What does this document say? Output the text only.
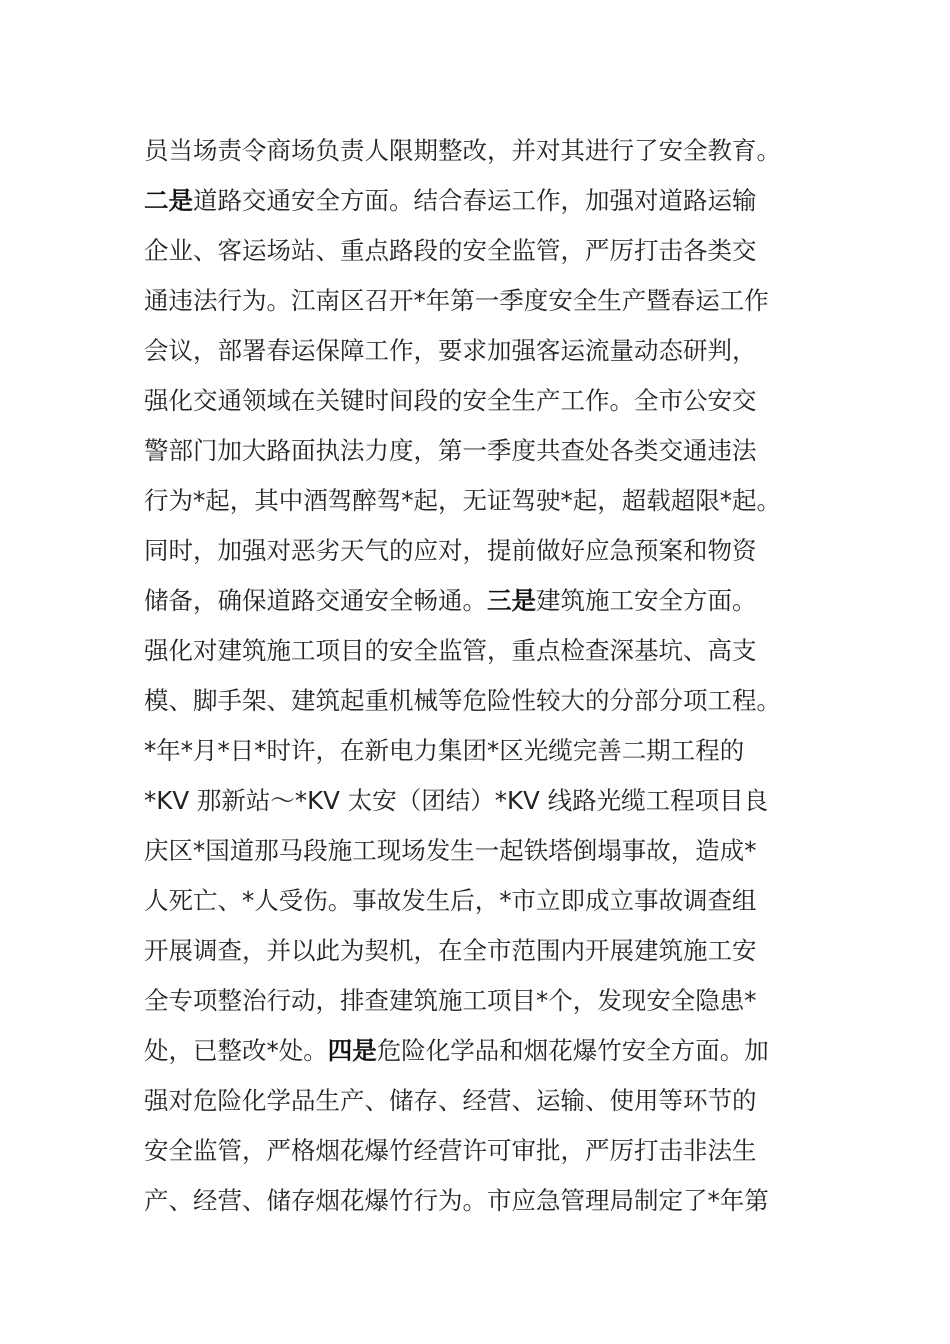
员当场责令商场负责人限期整改，并对其进行了安全教育。
二是道路交通安全方面。结合春运工作，加强对道路运输
企业、客运场站、重点路段的安全监管，严厉打击各类交
通违法行为。江南区召开*年第一季度安全生产暨春运工作
会议，部署春运保障工作，要求加强客运流量动态研判，
强化交通领域在关键时间段的安全生产工作。全市公安交
警部门加大路面执法力度，第一季度共查处各类交通违法
行为*起，其中酒驾醉驾*起，无证驾驶*起，超载超限*起。
同时，加强对恶劣天气的应对，提前做好应急预案和物资
储备，确保道路交通安全畅通。三是建筑施工安全方面。
强化对建筑施工项目的安全监管，重点检查深基坑、高支
模、脚手架、建筑起重机械等危险性较大的分部分项工程。
*年*月*日*时许，在新电力集团*区光缆完善二期工程的
*KV 那新站～*KV 太安（团结）*KV 线路光缆工程项目良
庆区*国道那马段施工现场发生一起铁塔倒塌事故，造成*
人死亡、*人受伤。事故发生后，*市立即成立事故调查组
开展调查，并以此为契机，在全市范围内开展建筑施工安
全专项整治行动，排查建筑施工项目*个，发现安全隐患*
处，已整改*处。四是危险化学品和烟花爆竹安全方面。加
强对危险化学品生产、储存、经营、运输、使用等环节的
安全监管，严格烟花爆竹经营许可审批，严厉打击非法生
产、经营、储存烟花爆竹行为。市应急管理局制定了*年第
